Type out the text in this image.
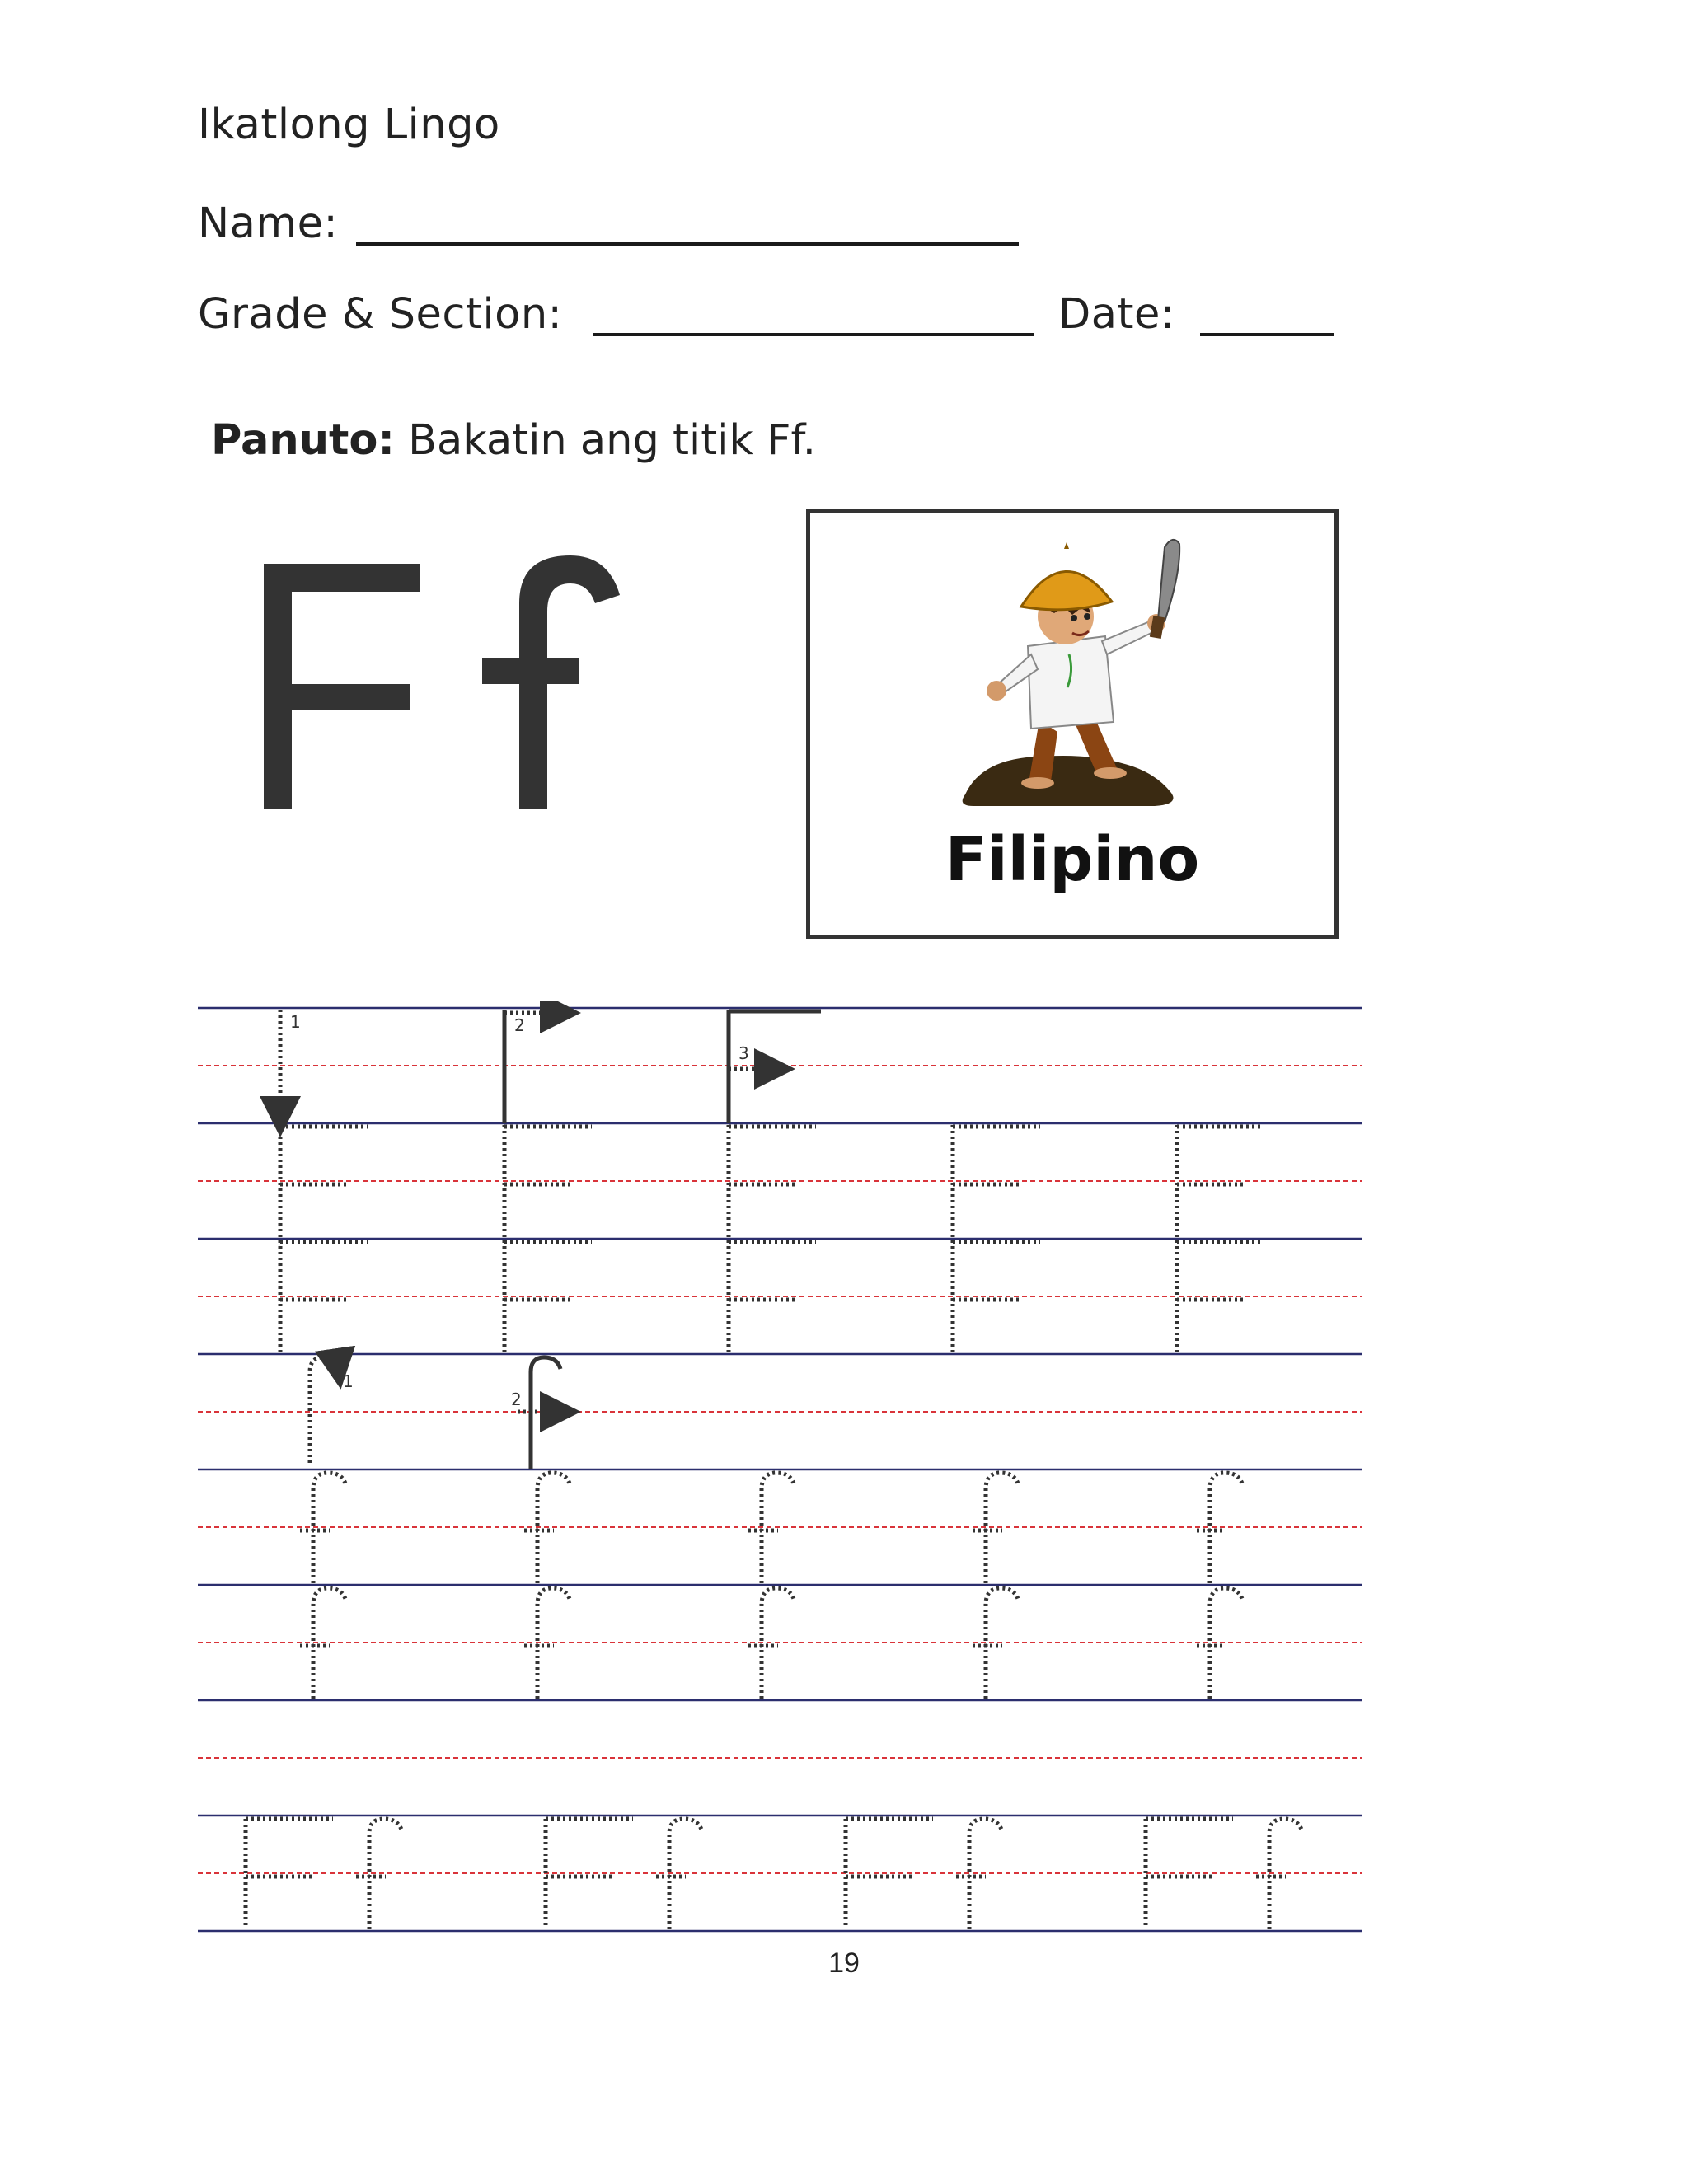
Ikatlong Lingo
Name:
Grade & Section:	Date:
Panuto: Bakatin ang titik Ff.
Filipino
1	2
3
1
2
19
